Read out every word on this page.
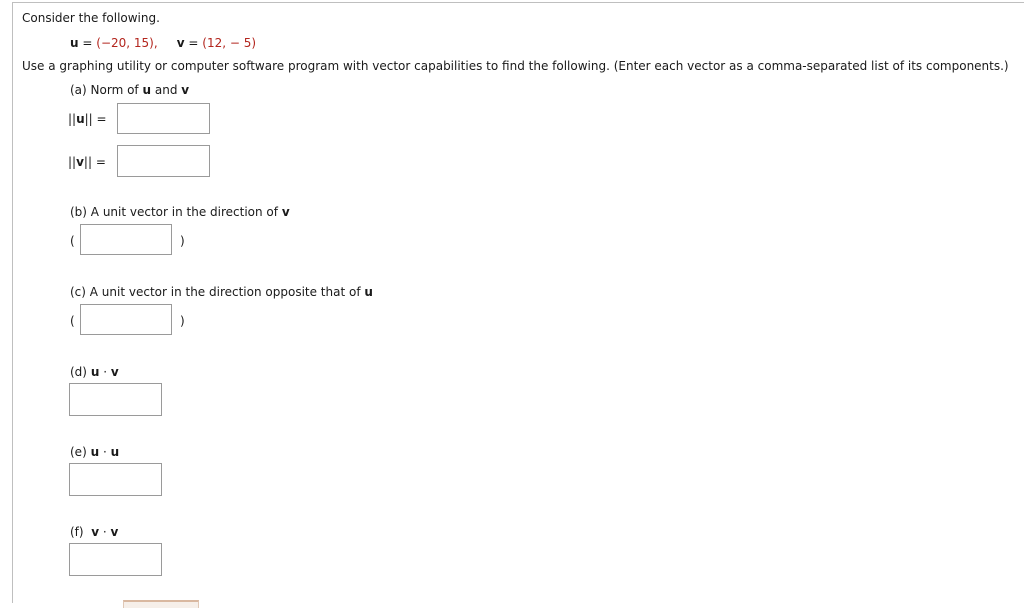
Consider the following.
u = (−20, 15), v = (12, − 5)
Use a graphing utility or computer software program with vector capabilities to find the following. (Enter each vector as a comma-separated list of its components.)
(a) Norm of u and v
||u|| =
||v|| =
(b) A unit vector in the direction of v
(	)
(c) A unit vector in the direction opposite that of u
(	)
(d) u · v
(e) u · u
(f) v · v
